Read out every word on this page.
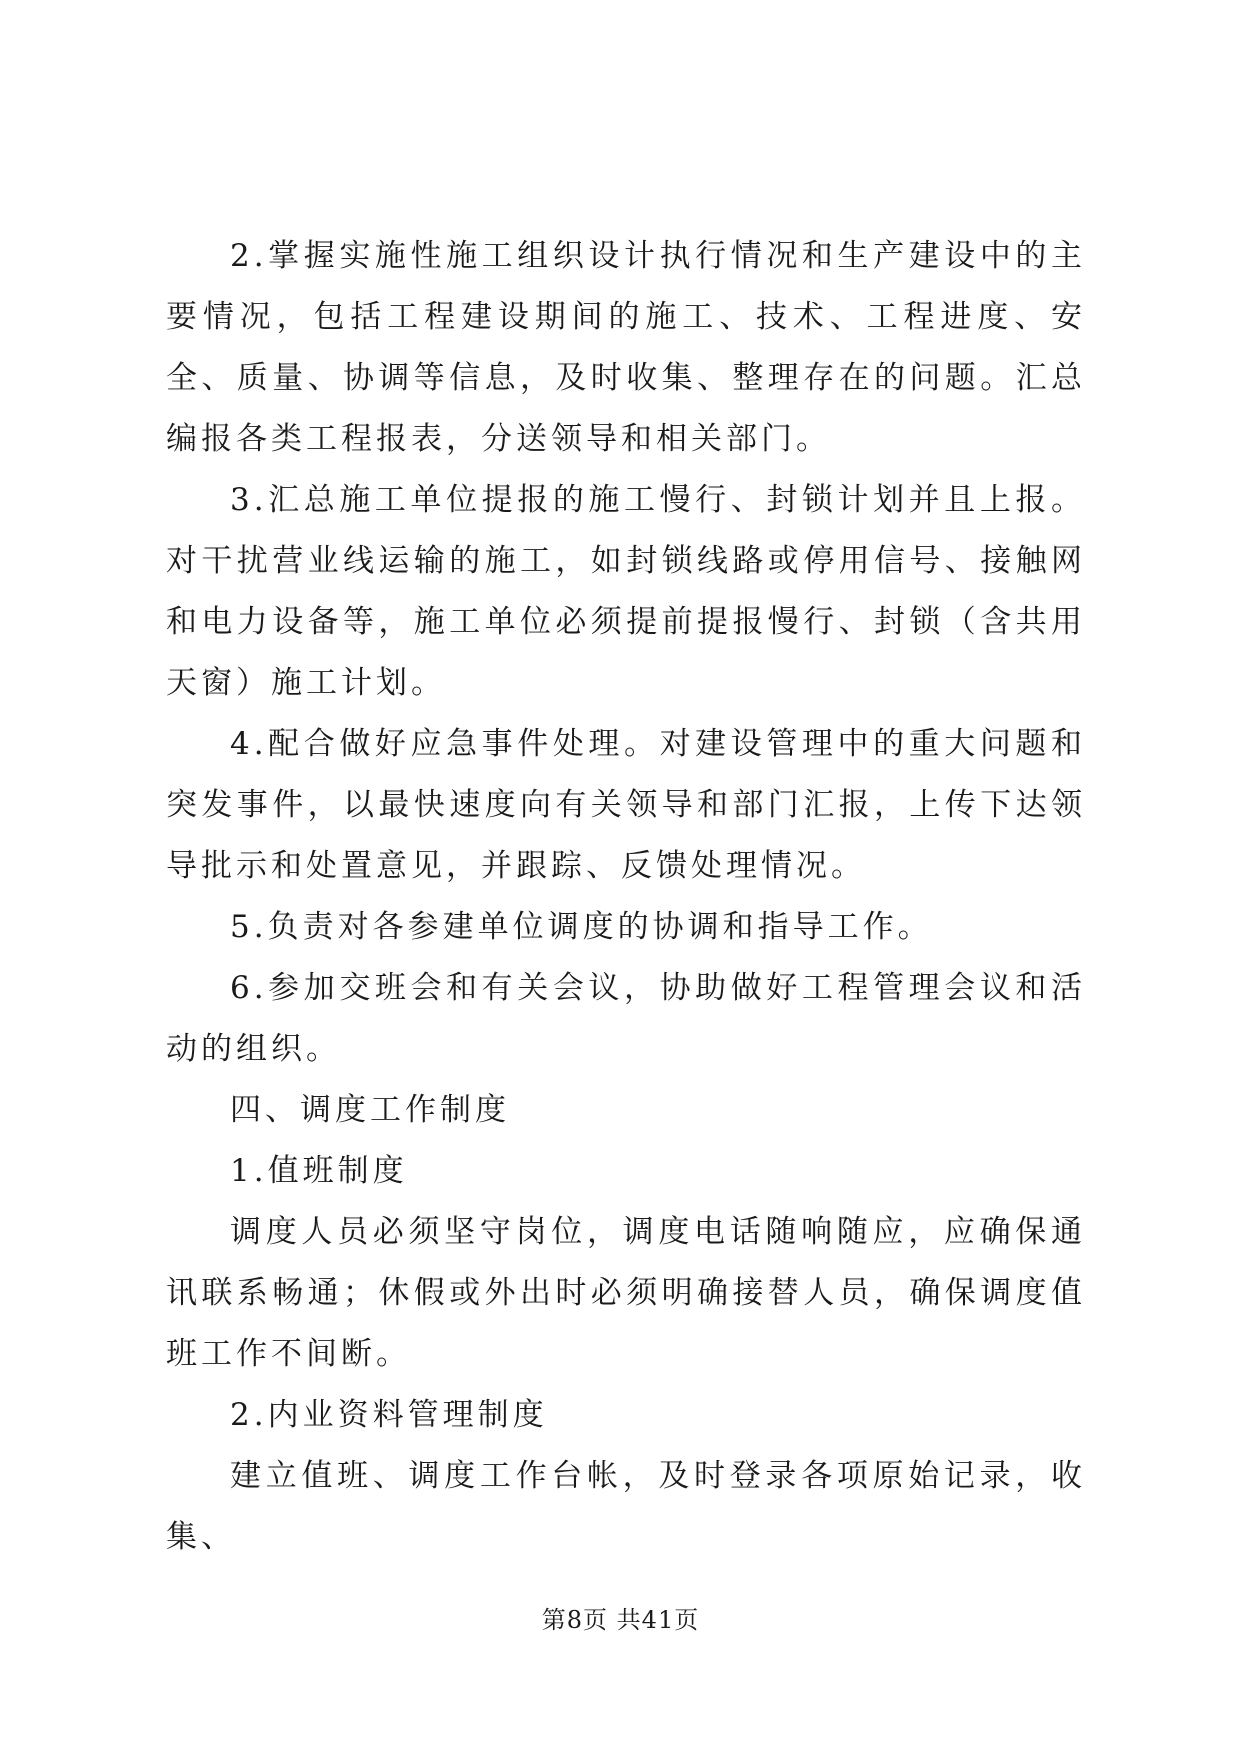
2.掌握实施性施工组织设计执行情况和生产建设中的主要情况，包括工程建设期间的施工、技术、工程进度、安全、质量、协调等信息，及时收集、整理存在的问题。汇总编报各类工程报表，分送领导和相关部门。

3.汇总施工单位提报的施工慢行、封锁计划并且上报。对干扰营业线运输的施工，如封锁线路或停用信号、接触网和电力设备等，施工单位必须提前提报慢行、封锁（含共用天窗）施工计划。

4.配合做好应急事件处理。对建设管理中的重大问题和突发事件，以最快速度向有关领导和部门汇报，上传下达领导批示和处置意见，并跟踪、反馈处理情况。

5.负责对各参建单位调度的协调和指导工作。

6.参加交班会和有关会议，协助做好工程管理会议和活动的组织。

四、调度工作制度

1.值班制度

调度人员必须坚守岗位，调度电话随响随应，应确保通讯联系畅通；休假或外出时必须明确接替人员，确保调度值班工作不间断。

2.内业资料管理制度

建立值班、调度工作台帐，及时登录各项原始记录，收集、

第8页 共41页
